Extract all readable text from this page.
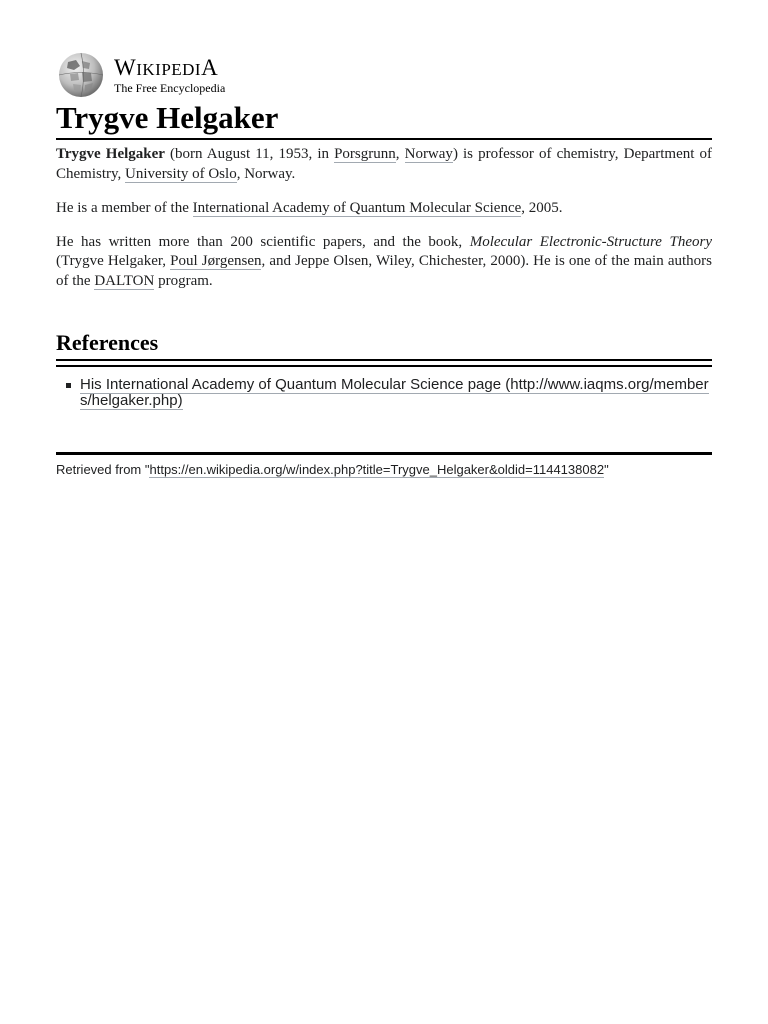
WIKIPEDIA
The Free Encyclopedia
Trygve Helgaker

Trygve Helgaker (born August 11, 1953, in Porsgrunn, Norway) is professor of chemistry, Department of Chemistry, University of Oslo, Norway.

He is a member of the International Academy of Quantum Molecular Science, 2005.

He has written more than 200 scientific papers, and the book, Molecular Electronic-Structure Theory (Trygve Helgaker, Poul Jørgensen, and Jeppe Olsen, Wiley, Chichester, 2000). He is one of the main authors of the DALTON program.

References
His International Academy of Quantum Molecular Science page (http://www.iaqms.org/members/helgaker.php)
Retrieved from "https://en.wikipedia.org/w/index.php?title=Trygve_Helgaker&oldid=1144138082"
